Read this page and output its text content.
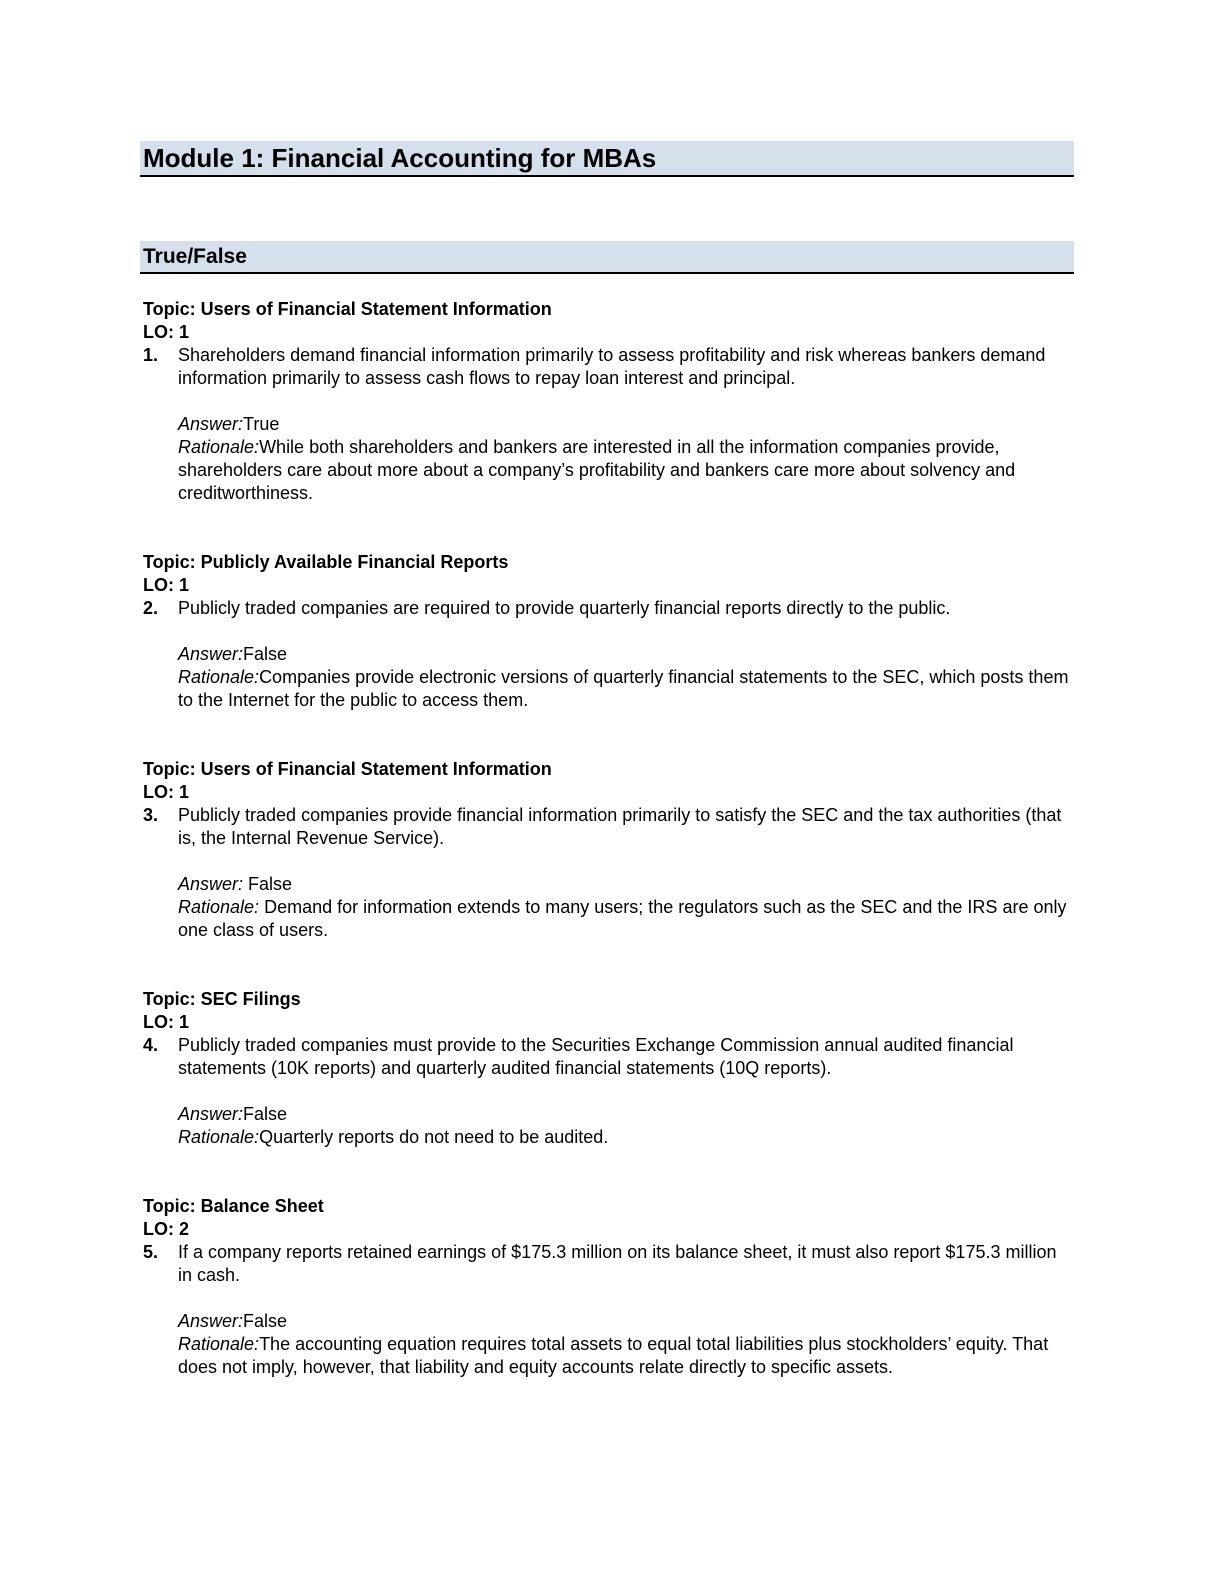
Module 1: Financial Accounting for MBAs
True/False
Topic: Users of Financial Statement Information
LO: 1
1.	Shareholders demand financial information primarily to assess profitability and risk whereas bankers demand information primarily to assess cash flows to repay loan interest and principal.
Answer:True
Rationale:While both shareholders and bankers are interested in all the information companies provide, shareholders care about more about a company’s profitability and bankers care more about solvency and creditworthiness.
Topic: Publicly Available Financial Reports
LO: 1
2.	Publicly traded companies are required to provide quarterly financial reports directly to the public.
Answer:False
Rationale:Companies provide electronic versions of quarterly financial statements to the SEC, which posts them to the Internet for the public to access them.
Topic: Users of Financial Statement Information
LO: 1
3.	Publicly traded companies provide financial information primarily to satisfy the SEC and the tax authorities (that is, the Internal Revenue Service).
Answer: False
Rationale: Demand for information extends to many users; the regulators such as the SEC and the IRS are only one class of users.
Topic: SEC Filings
LO: 1
4.	Publicly traded companies must provide to the Securities Exchange Commission annual audited financial statements (10K reports) and quarterly audited financial statements (10Q reports).
Answer:False
Rationale:Quarterly reports do not need to be audited.
Topic: Balance Sheet
LO: 2
5.	If a company reports retained earnings of $175.3 million on its balance sheet, it must also report $175.3 million in cash.
Answer:False
Rationale:The accounting equation requires total assets to equal total liabilities plus stockholders’ equity. That does not imply, however, that liability and equity accounts relate directly to specific assets.
